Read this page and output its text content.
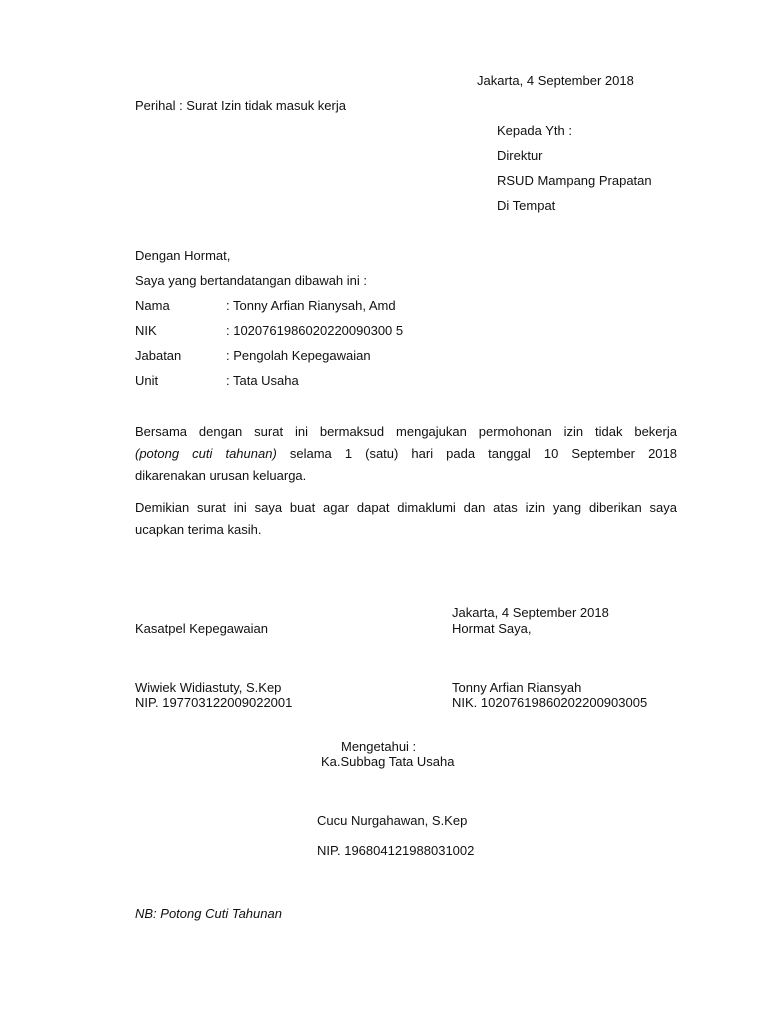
Jakarta, 4 September 2018
Perihal : Surat Izin tidak masuk kerja
Kepada Yth :
Direktur
RSUD Mampang Prapatan
Di Tempat
Dengan Hormat,
Saya yang bertandatangan dibawah ini :
Nama	: Tonny Arfian Rianysah, Amd
NIK	: 1020761986020220090300 5
Jabatan	: Pengolah Kepegawaian
Unit	: Tata Usaha
Bersama dengan surat ini bermaksud mengajukan permohonan izin tidak bekerja
(potong cuti tahunan) selama 1 (satu) hari pada tanggal 10 September 2018
dikarenakan urusan keluarga.
Demikian surat ini saya buat agar dapat dimaklumi dan atas izin yang diberikan saya
ucapkan terima kasih.
Jakarta, 4 September 2018
Kasatpel Kepegawaian	Hormat Saya,
Wiwiek Widiastuty, S.Kep
NIP. 197703122009022001
Tonny Arfian Riansyah
NIK. 10207619860202200903005
Mengetahui :
Ka.Subbag Tata Usaha
Cucu Nurgahawan, S.Kep
NIP. 196804121988031002
NB: Potong Cuti Tahunan
